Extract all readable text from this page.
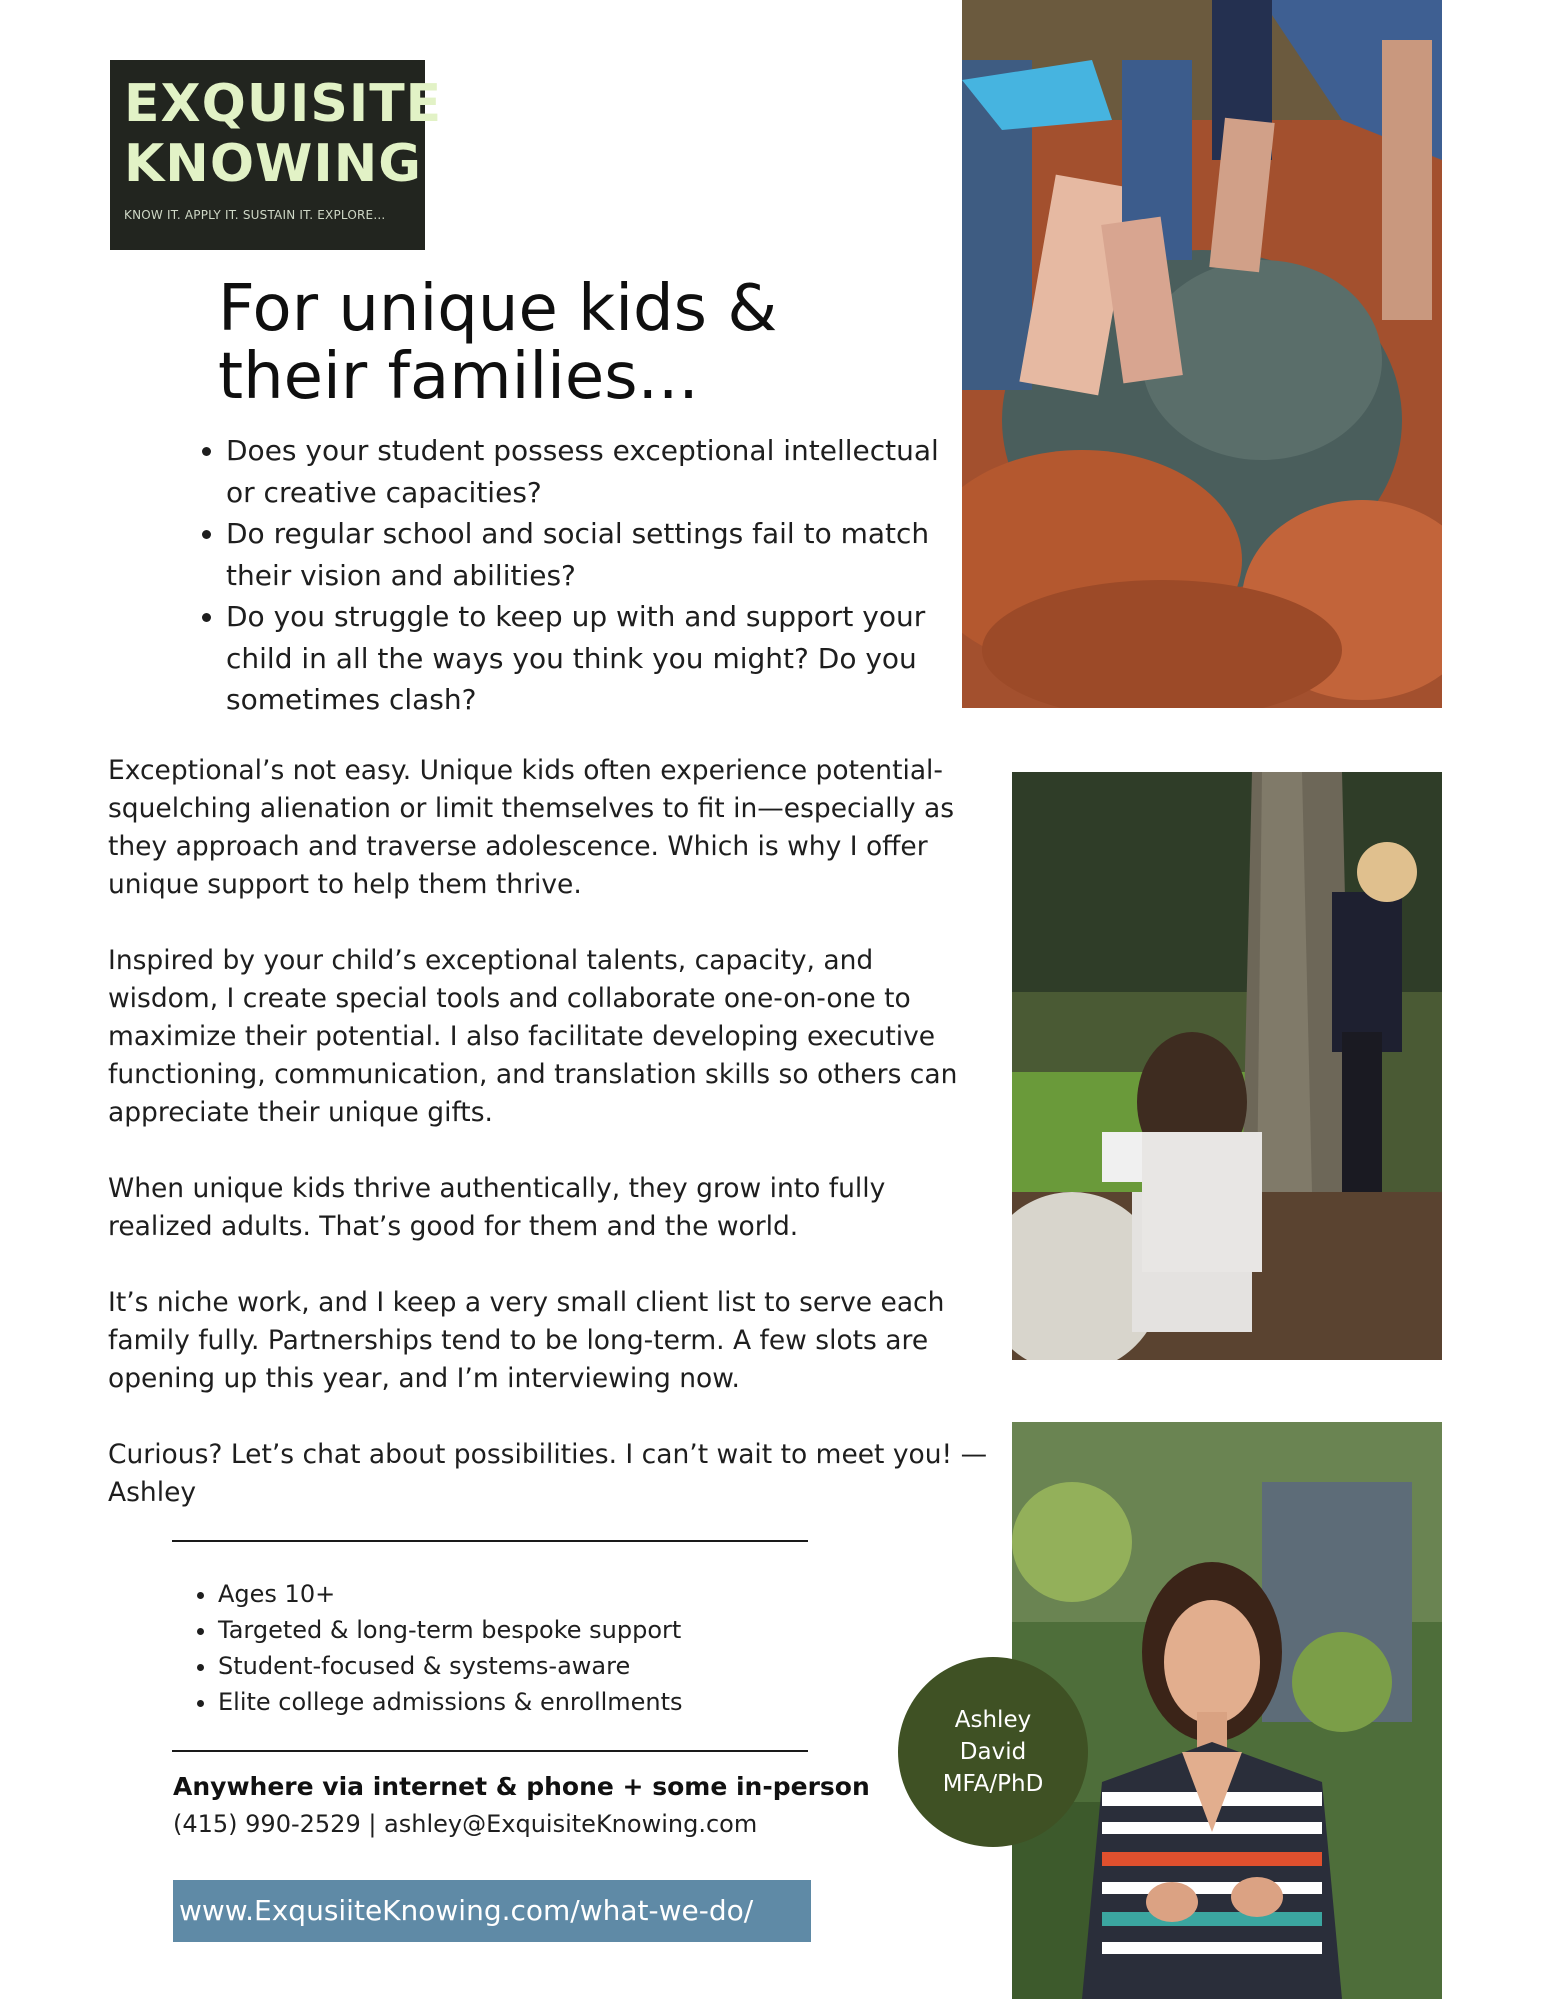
EXQUISITE
KNOWING
KNOW IT. APPLY IT. SUSTAIN IT. EXPLORE...
For unique kids &
their families...
• Does your student possess exceptional intellectual or creative capacities?
• Do regular school and social settings fail to match their vision and abilities?
• Do you struggle to keep up with and support your child in all the ways you think you might? Do you sometimes clash?

Exceptional’s not easy. Unique kids often experience potential-squelching alienation or limit themselves to fit in—especially as they approach and traverse adolescence. Which is why I offer unique support to help them thrive.

Inspired by your child’s exceptional talents, capacity, and wisdom, I create special tools and collaborate one-on-one to maximize their potential. I also facilitate developing executive functioning, communication, and translation skills so others can appreciate their unique gifts.

When unique kids thrive authentically, they grow into fully realized adults. That’s good for them and the world.

It’s niche work, and I keep a very small client list to serve each family fully. Partnerships tend to be long-term. A few slots are opening up this year, and I’m interviewing now.

Curious? Let’s chat about possibilities. I can’t wait to meet you! —Ashley

• Ages 10+
• Targeted & long-term bespoke support
• Student-focused & systems-aware
• Elite college admissions & enrollments
Anywhere via internet & phone + some in-person
(415) 990-2529 | ashley@ExquisiteKnowing.com
www.ExqusiiteKnowing.com/what-we-do/
Ashley
David
MFA/PhD
